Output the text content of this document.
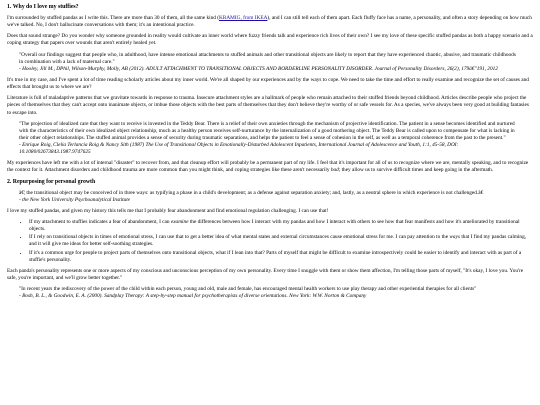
1. Why do I love my stuffies?

I'm surrounded by stuffed pandas as I write this. There are more than 30 of them, all the same kind (KRAMIG, from IKEA), and I can still tell each of them apart. Each fluffy face has a name, a personality, and often a story depending on how much we've talked. No, I don't hallucinate conversations with them; it's an intentional practice.

Does that sound strange? Do you wonder why someone grounded in reality would cultivate an inner world where fuzzy friends talk and experience rich lives of their own? I see my love of these specific stuffed pandas as both a happy scenario and a coping strategy that papers over wounds that aren't entirely healed yet.

"Overall our findings suggest that people who, in adulthood, have intense emotional attachments to stuffed animals and other transitional objects are likely to report that they have experienced chaotic, abusive, and traumatic childhoods in combination with a lack of maternal care."
- Hooley, Jill M., DPhil, Wilson-Murphy, Molly, AB (2012). ADULT ATTACHMENT TO TRANSITIONAL OBJECTS AND BORDERLINE PERSONALITY DISORDER. Journal of Personality Disorders, 26(2), 179â€"191, 2012

It's true in my case, and I've spent a lot of time reading scholarly articles about my inner world. We're all shaped by our experiences and by the ways to cope. We need to take the time and effort to really examine and recognize the set of causes and effects that brought us to where we are?

Literature is full of maladaptive patterns that we gravitate towards in response to trauma. Insecure attachment styles are a hallmark of people who remain attached to their stuffed friends beyond childhood. Articles describe people who project the pieces of themselves that they can't accept onto inanimate objects, or imbue those objects with the best parts of themselves that they don't believe they're worthy of or safe vessels for. As a species, we've always been very good at building fantasies to escape into.

"The projection of idealized care that they want to receive is invested in the Teddy Bear. There is a relief of their own anxieties through the mechanism of projective identification. The patient in a sense becomes identified and nurtured with the characteristics of their own idealized object relationship, much as a healthy person receives self-nurturance by the internalization of a good mothering object. The Teddy Bear is called upon to compensate for what is lacking in their other object relationships. The stuffed animal provides a sense of security during traumatic separations, and helps the patient to feel a sense of cohesion in the self, as well as a temporal coherence from the past to the present."
- Enrique Roig, Clelia Terlancia Roig & Nancy Sith (1987) The Use of Transitional Objects in Emotionally-Disturbed Adolescent Inpatients, International Journal of Adolescence and Youth, 1:1, 45-58, DOI: 10.1080/02673843.1987.9747625

My experiences have left me with a lot of internal "disaster" to recover from, and that cleanup effort will probably be a permanent part of my life. I feel that it's important for all of us to recognize where we are, mentally speaking, and to recognize the context for it. Attachment disorders and childhood trauma are more common than you might think, and coping strategies like these aren't necessarily bad; they allow us to survive difficult times and keep going in the aftermath.

2. Repurposing for personal growth
â€¦ the transitional object may be conceived of in three ways: as typifying a phase in a child's development; as a defense against separation anxiety; and, lastly, as a neutral sphere in which experience is not challenged.â€
- the New York University Psychoanalytical Institute

I love my stuffed pandas, and given my history this tells me that I probably fear abandonment and find emotional regulation challenging. I can use that!

• If my attachment to stuffies indicates a fear of abandonment, I can examine the differences between how I interact with my pandas and how I interact with others to see how that fear manifests and how it's ameliorated by transitional objects.
• If I rely on transitional objects in times of emotional stress, I can use that to get a better idea of what mental states and external circumstances cause emotional stress for me. I can pay attention to the ways that I find my pandas calming, and it will give me ideas for better self-soothing strategies.
• If it's a common urge for people to project parts of themselves onto transitional objects, what if I lean into that? Parts of myself that might be difficult to examine introspectively could be easier to identify and interact with as part of a stuffie's personality.

Each panda's personality represents one or more aspects of my conscious and unconscious perception of my own personality. Every time I snuggle with them or show them affection, I'm telling those parts of myself, "It's okay, I love you. You're safe, you're important, and we'll grow better together."

"In recent years the rediscovery of the power of the child within each person, young and old, male and female, has encouraged mental health workers to use play therapy and other experiential therapies for all clients"
- Bosh, B. L., & Goodwin, E. A. (2000). Sandplay Therapy: A step-by-step manual for psychotherapists of diverse orientations. New York: W.W. Norton & Company
